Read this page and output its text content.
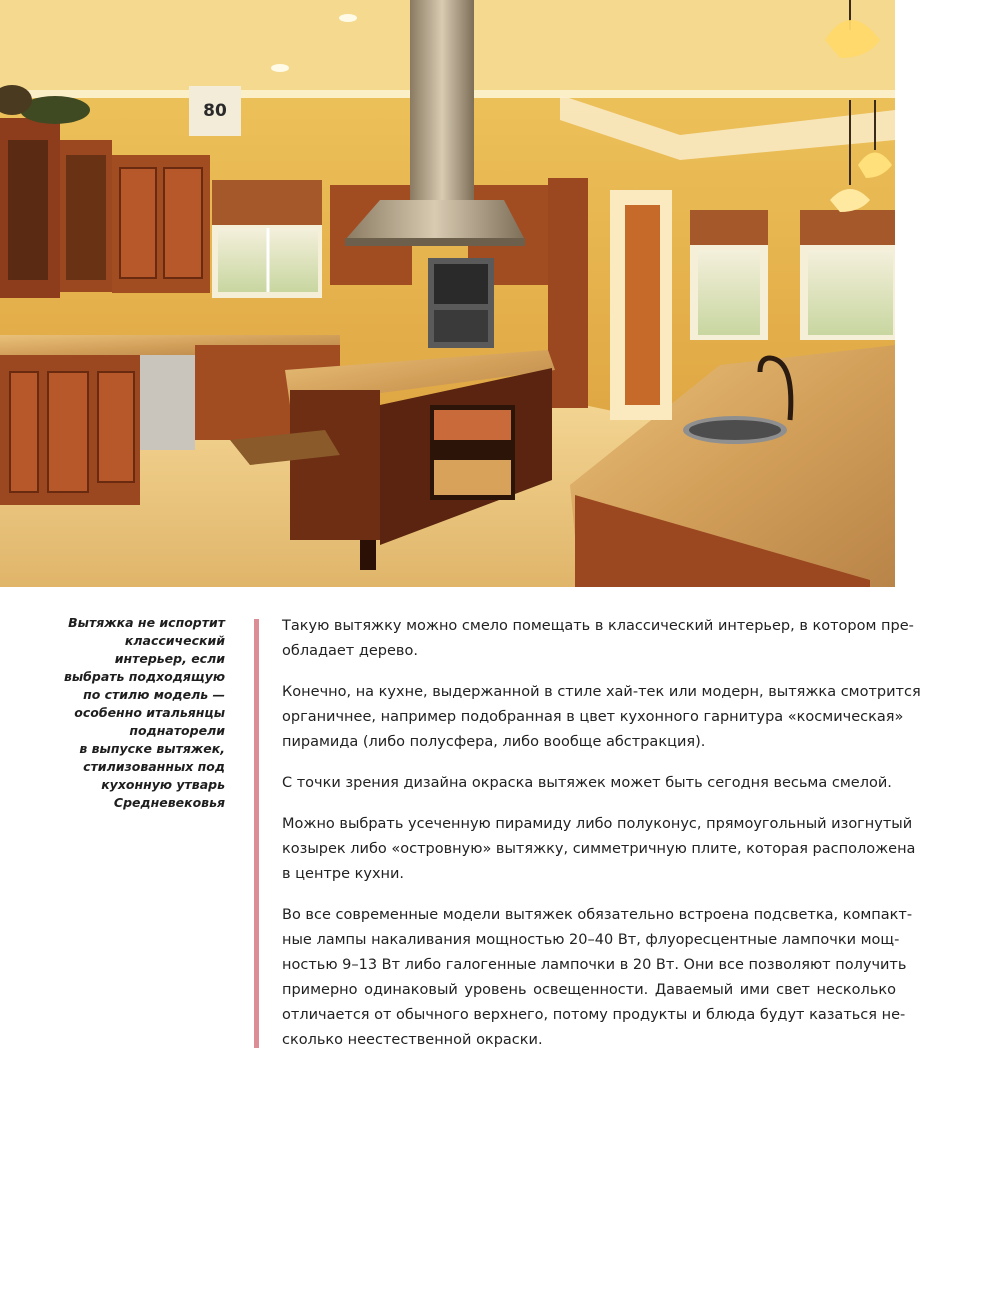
80
Вытяжка не испортит
классический
интерьер, если
выбрать подходящую
по стилю модель —
особенно итальянцы
поднаторели
в выпуске вытяжек,
стилизованных под
кухонную утварь
Средневековья

Такую вытяжку можно смело помещать в классический интерьер, в котором пре-
обладает дерево.

Конечно, на кухне, выдержанной в стиле хай-тек или модерн, вытяжка смотрится
органичнее, например подобранная в цвет кухонного гарнитура «космическая»
пирамида (либо полусфера, либо вообще абстракция).

С точки зрения дизайна окраска вытяжек может быть сегодня весьма смелой.

Можно выбрать усеченную пирамиду либо полуконус, прямоугольный изогнутый
козырек либо «островную» вытяжку, симметричную плите, которая расположена
в центре кухни.

Во все современные модели вытяжек обязательно встроена подсветка, компакт-
ные лампы накаливания мощностью 20–40 Вт, флуоресцентные лампочки мощ-
ностью 9–13 Вт либо галогенные лампочки в 20 Вт. Они все позволяют получить
примерно одинаковый уровень освещенности. Даваемый ими свет несколько
отличается от обычного верхнего, потому продукты и блюда будут казаться не-
сколько неестественной окраски.
